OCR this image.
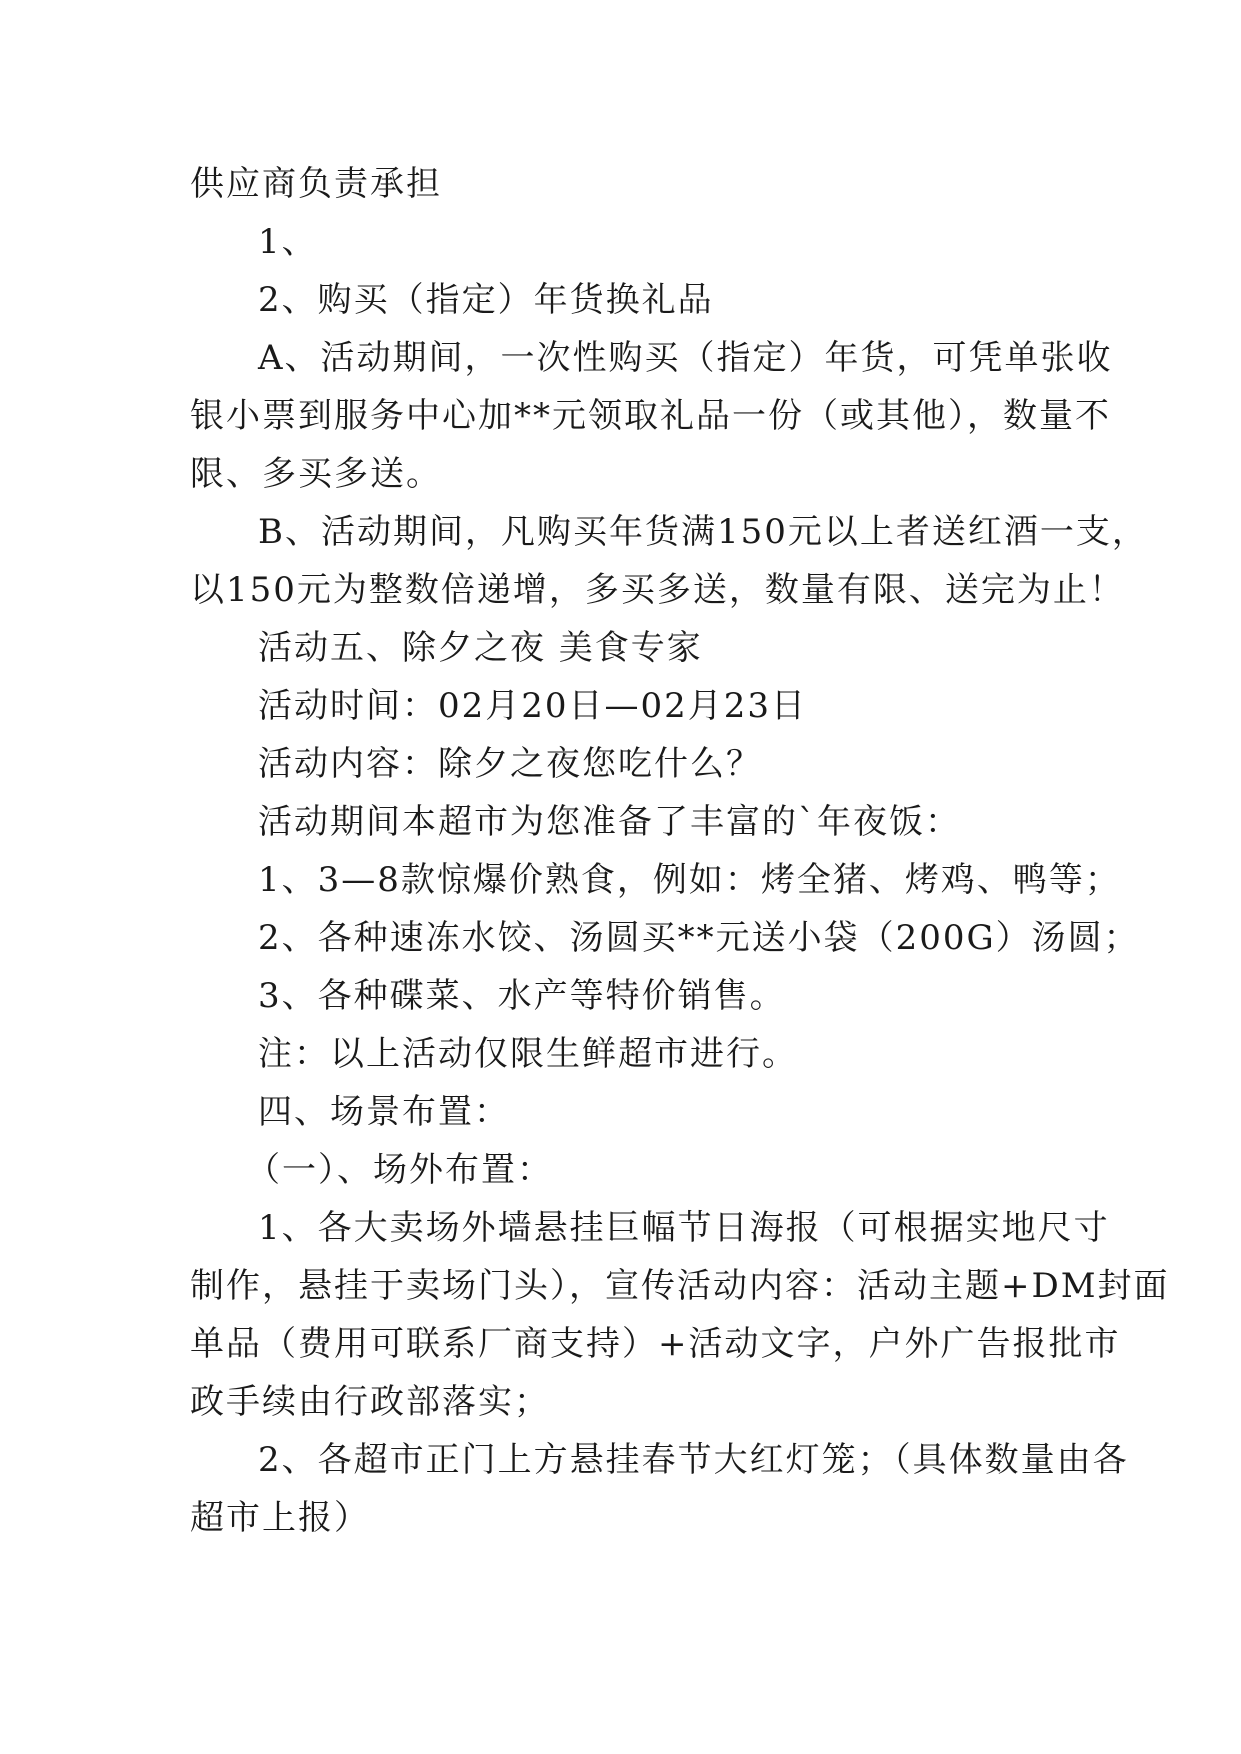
供应商负责承担
1、
2、购买（指定）年货换礼品
A、活动期间，一次性购买（指定）年货，可凭单张收
银小票到服务中心加**元领取礼品一份（或其他），数量不
限、多买多送。
B、活动期间，凡购买年货满150元以上者送红酒一支，
以150元为整数倍递增，多买多送，数量有限、送完为止！
活动五、除夕之夜 美食专家
活动时间：02月20日—02月23日
活动内容：除夕之夜您吃什么？
活动期间本超市为您准备了丰富的`年夜饭：
1、3—8款惊爆价熟食，例如：烤全猪、烤鸡、鸭等；
2、各种速冻水饺、汤圆买**元送小袋（200G）汤圆；
3、各种碟菜、水产等特价销售。
注：以上活动仅限生鲜超市进行。
四、场景布置：
（一）、场外布置：
1、各大卖场外墙悬挂巨幅节日海报（可根据实地尺寸
制作，悬挂于卖场门头），宣传活动内容：活动主题+DM封面
单品（费用可联系厂商支持）+活动文字，户外广告报批市
政手续由行政部落实；
2、各超市正门上方悬挂春节大红灯笼；（具体数量由各
超市上报）
